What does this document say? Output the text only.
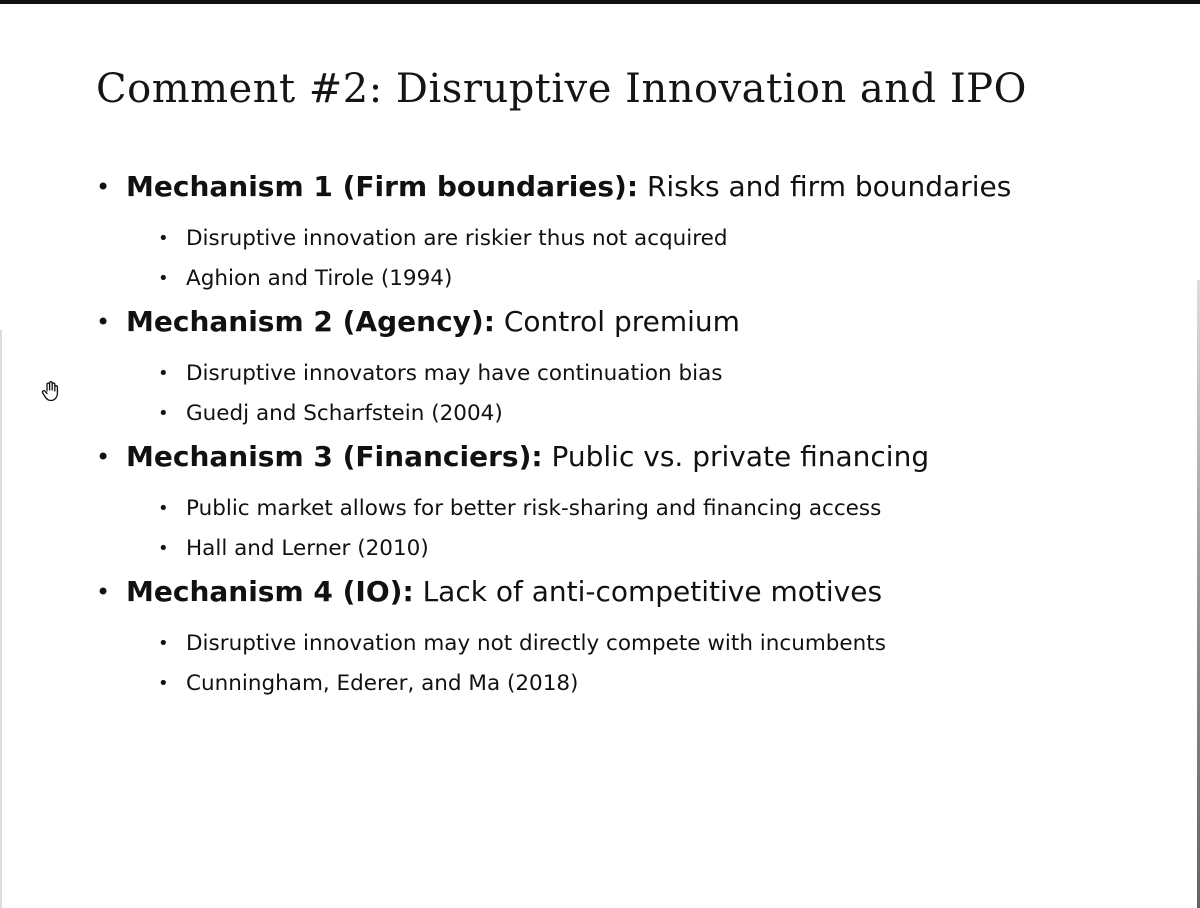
Comment #2: Disruptive Innovation and IPO
• Mechanism 1 (Firm boundaries): Risks and firm boundaries
• Disruptive innovation are riskier thus not acquired
• Aghion and Tirole (1994)
• Mechanism 2 (Agency): Control premium
• Disruptive innovators may have continuation bias
• Guedj and Scharfstein (2004)
• Mechanism 3 (Financiers): Public vs. private financing
• Public market allows for better risk-sharing and financing access
• Hall and Lerner (2010)
• Mechanism 4 (IO): Lack of anti-competitive motives
• Disruptive innovation may not directly compete with incumbents
• Cunningham, Ederer, and Ma (2018)
